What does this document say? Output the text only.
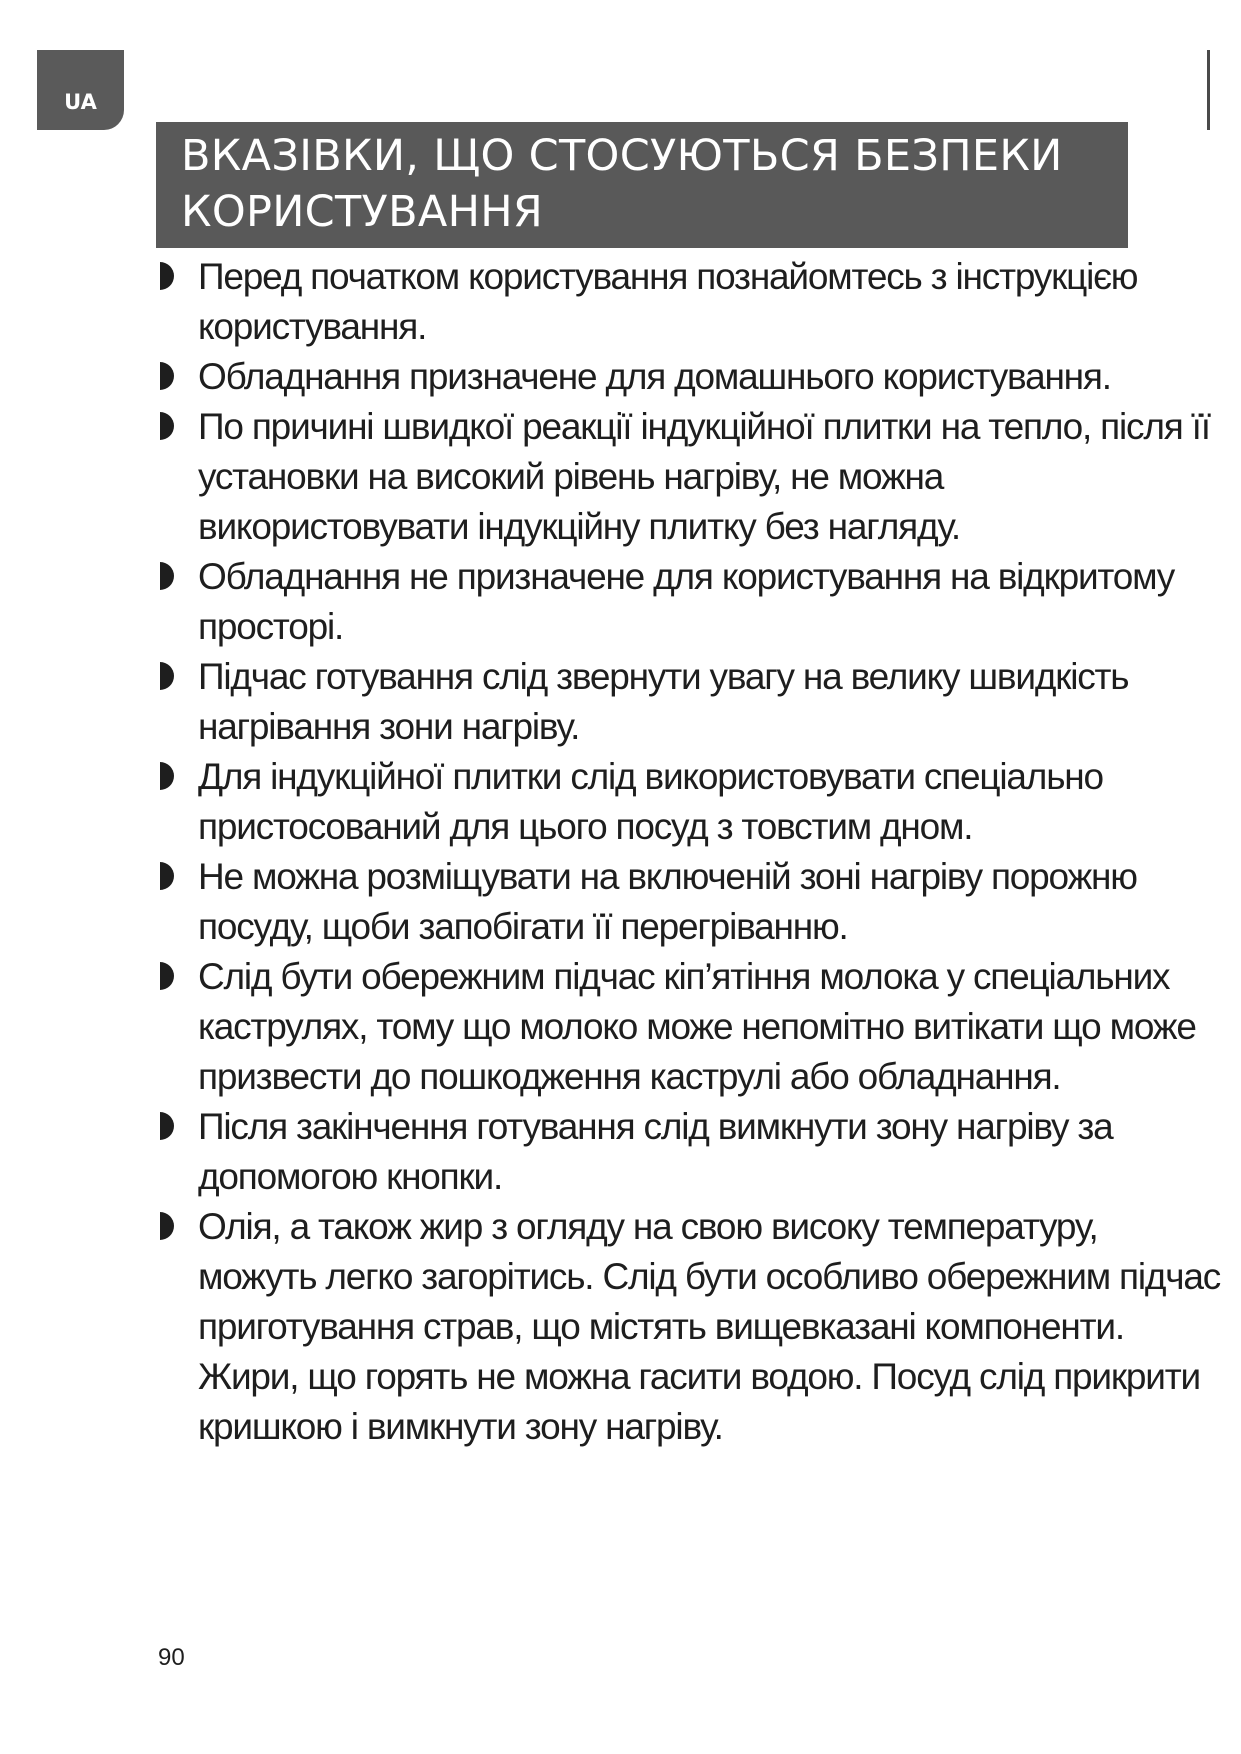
UA
ВКАЗІВКИ, ЩО СТОСУЮТЬСЯ БЕЗПЕКИ
КОРИСТУВАННЯ
Перед початком користування познайомтесь з інструкцією користування.
Обладнання призначене для домашнього користування.
По причині швидкої реакції індукційної плитки на тепло, після її установки на високий рівень нагріву, не можна використовувати індукційну плитку без нагляду.
Обладнання не призначене для користування на відкритому просторі.
Підчас готування слід звернути увагу на велику швидкість нагрівання зони нагріву.
Для індукційної плитки слід використовувати спеціально пристосований для цього посуд з товстим дном.
Не можна розміщувати на включеній зоні нагріву порожню посуду, щоби запобігати її перегріванню.
Слід бути обережним підчас кіп’ятіння молока у спеціальних каструлях, тому що молоко може непомітно витікати що може призвести до пошкодження каструлі або обладнання.
Після закінчення готування слід вимкнути зону нагріву за допомогою кнопки.
Олія, а також жир з огляду на свою високу температуру, можуть легко загорітись. Слід бути особливо обережним підчас приготування страв, що містять вищевказані компоненти. Жири, що горять не можна гасити водою. Посуд слід прикрити кришкою і вимкнути зону нагріву.
90
